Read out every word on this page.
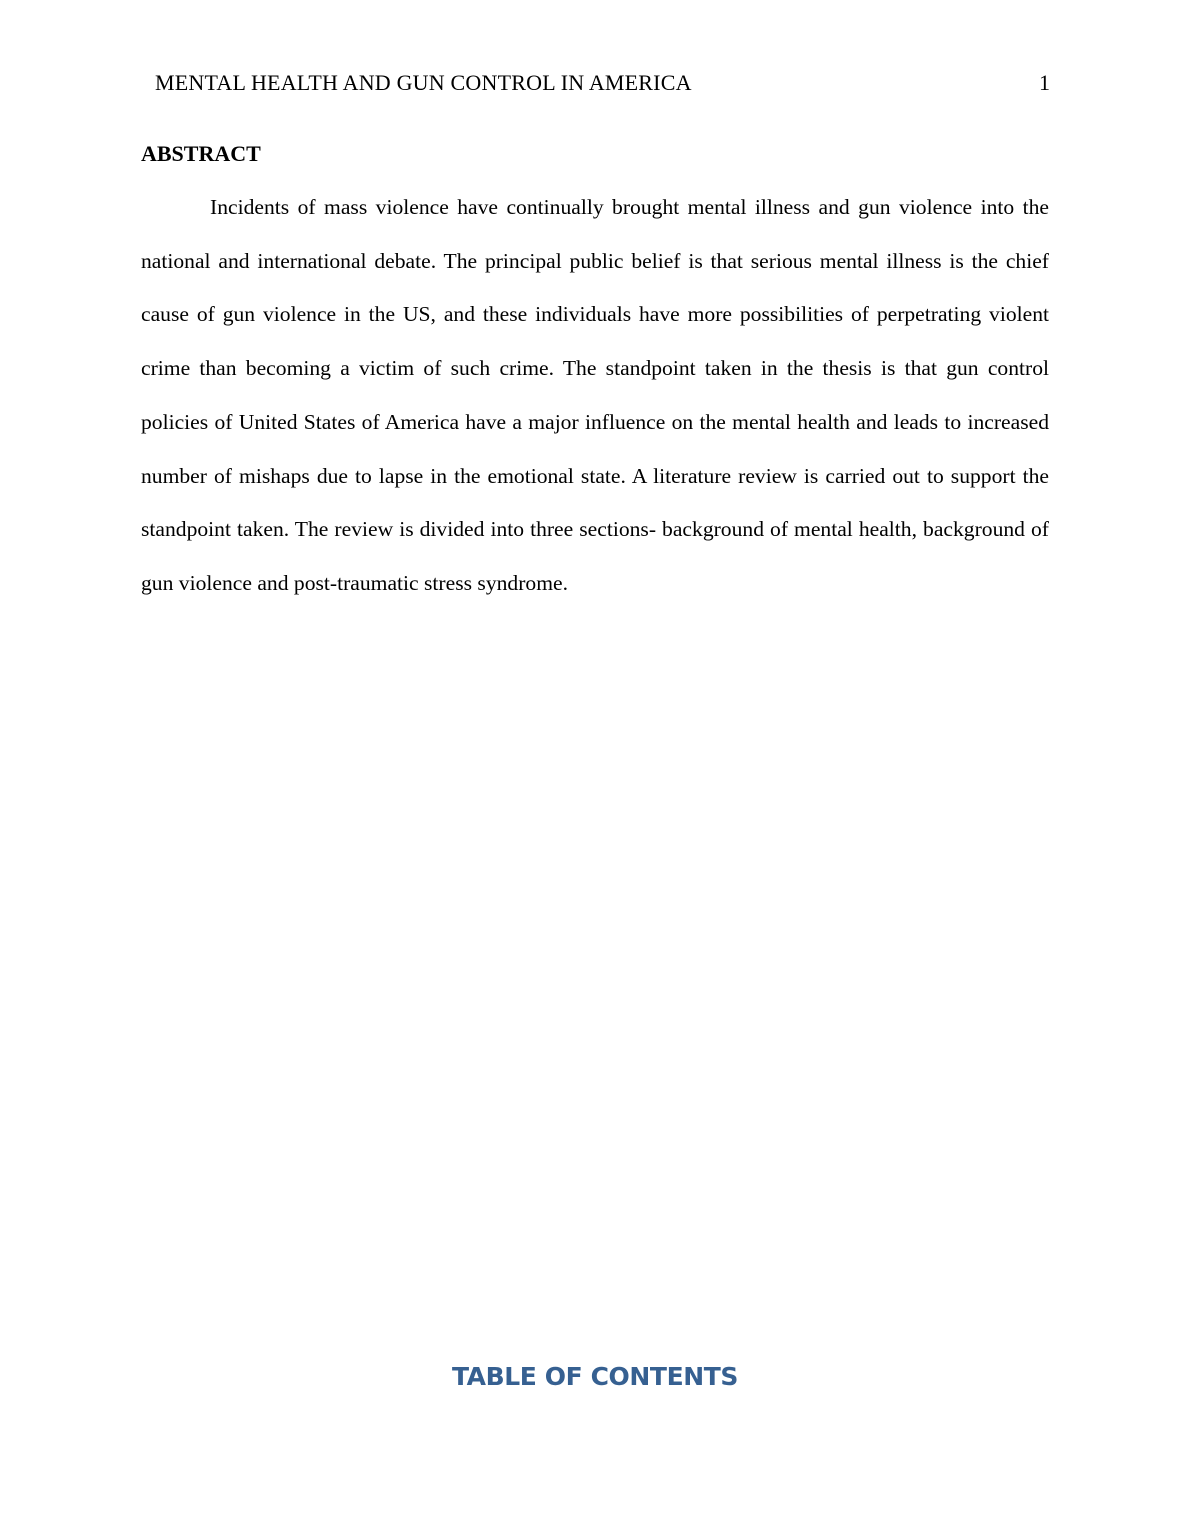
MENTAL HEALTH AND GUN CONTROL IN AMERICA	1
ABSTRACT

Incidents of mass violence have continually brought mental illness and gun violence into the national and international debate. The principal public belief is that serious mental illness is the chief cause of gun violence in the US, and these individuals have more possibilities of perpetrating violent crime than becoming a victim of such crime. The standpoint taken in the thesis is that gun control policies of United States of America have a major influence on the mental health and leads to increased number of mishaps due to lapse in the emotional state. A literature review is carried out to support the standpoint taken. The review is divided into three sections- background of mental health, background of gun violence and post-traumatic stress syndrome.

TABLE OF CONTENTS
